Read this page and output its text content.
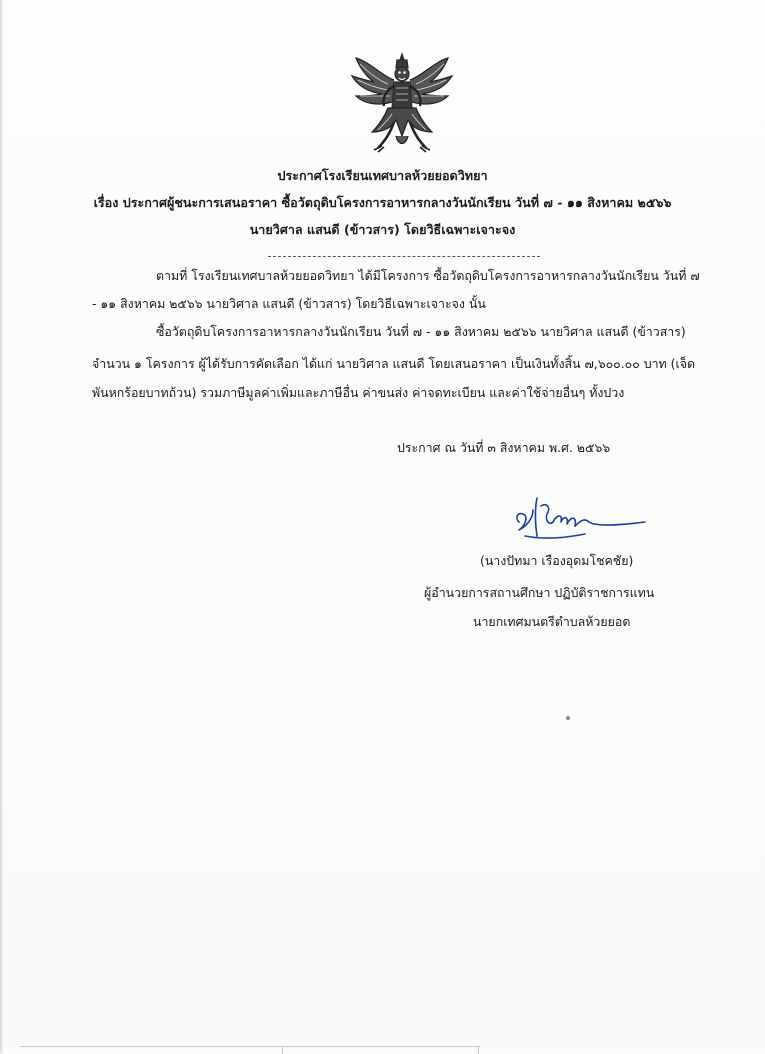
ประกาศโรงเรียนเทศบาลห้วยยอดวิทยา
เรื่อง ประกาศผู้ชนะการเสนอราคา ซื้อวัตถุดิบโครงการอาหารกลางวันนักเรียน วันที่ ๗ - ๑๑ สิงหาคม ๒๕๖๖
นายวิศาล แสนดี (ข้าวสาร) โดยวิธีเฉพาะเจาะจง
ตามที่ โรงเรียนเทศบาลห้วยยอดวิทยา ได้มีโครงการ ซื้อวัตถุดิบโครงการอาหารกลางวันนักเรียน วันที่ ๗
- ๑๑ สิงหาคม ๒๕๖๖ นายวิศาล แสนดี (ข้าวสาร) โดยวิธีเฉพาะเจาะจง นั้น
ซื้อวัตถุดิบโครงการอาหารกลางวันนักเรียน วันที่ ๗ - ๑๑ สิงหาคม ๒๕๖๖ นายวิศาล แสนดี (ข้าวสาร)
จำนวน ๑ โครงการ ผู้ได้รับการคัดเลือก ได้แก่ นายวิศาล แสนดี โดยเสนอราคา เป็นเงินทั้งสิ้น ๗,๖๐๐.๐๐ บาท (เจ็ด
พันหกร้อยบาทถ้วน) รวมภาษีมูลค่าเพิ่มและภาษีอื่น ค่าขนส่ง ค่าจดทะเบียน และค่าใช้จ่ายอื่นๆ ทั้งปวง
ประกาศ ณ วันที่ ๓ สิงหาคม พ.ศ. ๒๕๖๖
(นางปัทมา เรืองอุดมโชคชัย)
ผู้อำนวยการสถานศึกษา ปฏิบัติราชการแทน
นายกเทศมนตรีตำบลห้วยยอด
